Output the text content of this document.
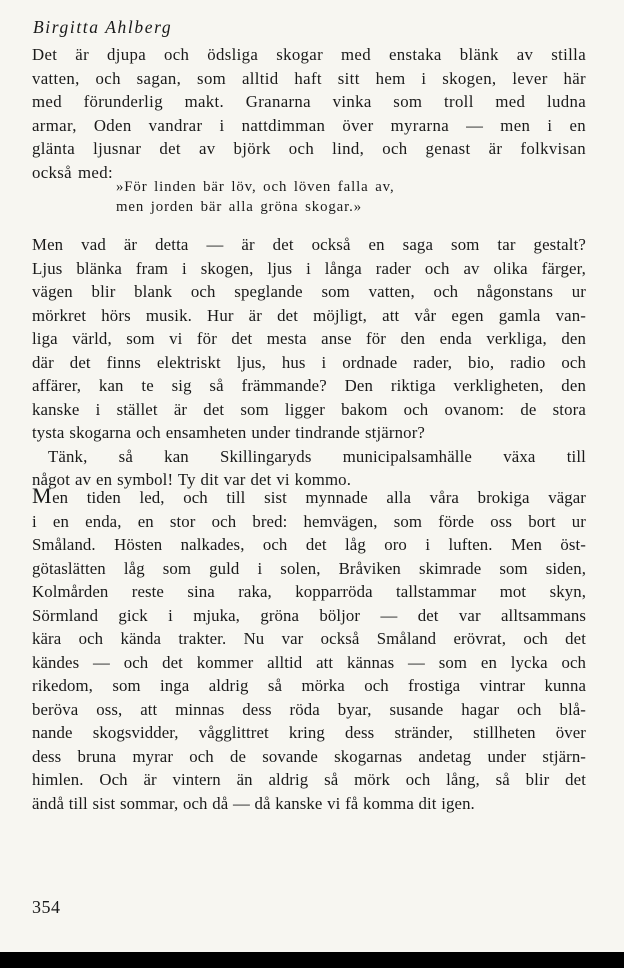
Birgitta Ahlberg
Det är djupa och ödsliga skogar med enstaka blänk av stilla
vatten, och sagan, som alltid haft sitt hem i skogen, lever här
med förunderlig makt. Granarna vinka som troll med ludna
armar, Oden vandrar i nattdimman över myrarna — men i en
glänta ljusnar det av björk och lind, och genast är folkvisan
också med:
»För linden bär löv, och löven falla av,
men jorden bär alla gröna skogar.»
Men vad är detta — är det också en saga som tar gestalt?
Ljus blänka fram i skogen, ljus i långa rader och av olika färger,
vägen blir blank och speglande som vatten, och någonstans ur
mörkret hörs musik. Hur är det möjligt, att vår egen gamla van-
liga värld, som vi för det mesta anse för den enda verkliga, den
där det finns elektriskt ljus, hus i ordnade rader, bio, radio och
affärer, kan te sig så främmande? Den riktiga verkligheten, den
kanske i stället är det som ligger bakom och ovanom: de stora
tysta skogarna och ensamheten under tindrande stjärnor?
Tänk, så kan Skillingaryds municipalsamhälle växa till
något av en symbol! Ty dit var det vi kommo.
Men tiden led, och till sist mynnade alla våra brokiga vägar
i en enda, en stor och bred: hemvägen, som förde oss bort ur
Småland. Hösten nalkades, och det låg oro i luften. Men öst-
götaslätten låg som guld i solen, Bråviken skimrade som siden,
Kolmården reste sina raka, kopparröda tallstammar mot skyn,
Sörmland gick i mjuka, gröna böljor — det var alltsammans
kära och kända trakter. Nu var också Småland erövrat, och det
kändes — och det kommer alltid att kännas — som en lycka och
rikedom, som inga aldrig så mörka och frostiga vintrar kunna
beröva oss, att minnas dess röda byar, susande hagar och blå-
nande skogsvidder, vågglittret kring dess stränder, stillheten över
dess bruna myrar och de sovande skogarnas andetag under stjärn-
himlen. Och är vintern än aldrig så mörk och lång, så blir det
ändå till sist sommar, och då — då kanske vi få komma dit igen.
354
